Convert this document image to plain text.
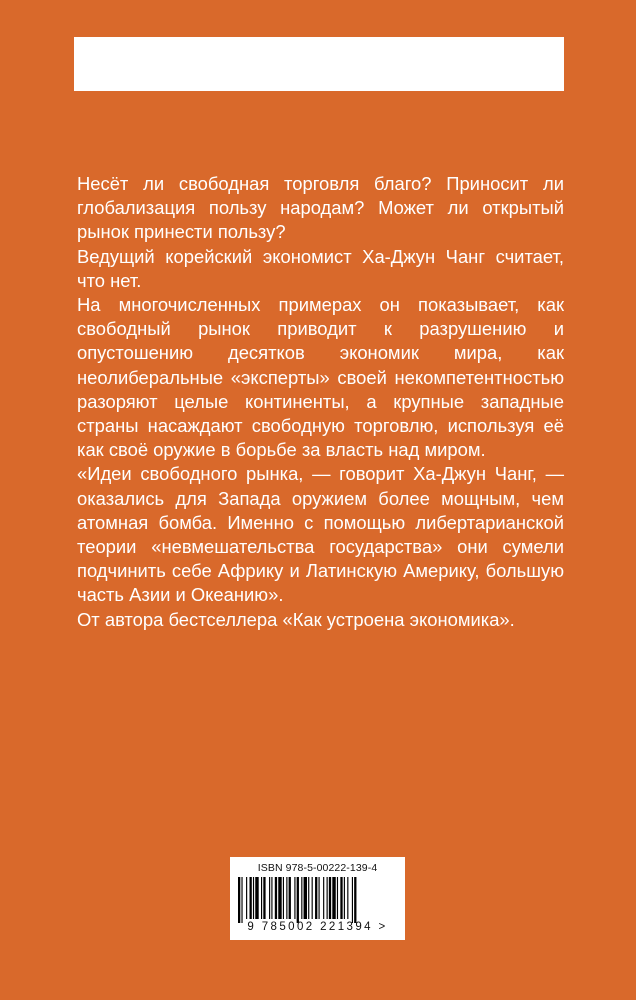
Несёт ли свободная торговля благо? Приносит ли глобализация пользу народам? Может ли открытый рынок принести пользу?

Ведущий корейский экономист Ха-Джун Чанг считает, что нет.

На многочисленных примерах он показывает, как свободный рынок приводит к разрушению и опустошению десятков экономик мира, как неолиберальные «эксперты» своей некомпетентностью разоряют целые континенты, а крупные западные страны насаждают свободную торговлю, используя её как своё оружие в борьбе за власть над миром.

«Идеи свободного рынка, — говорит Ха-Джун Чанг, — оказались для Запада оружием более мощным, чем атомная бомба. Именно с помощью либертарианской теории «невмешательства государства» они сумели подчинить себе Африку и Латинскую Америку, большую часть Азии и Океанию».

От автора бестселлера «Как устроена экономика».

ISBN 978-5-00222-139-4
9 785002 221394 >
